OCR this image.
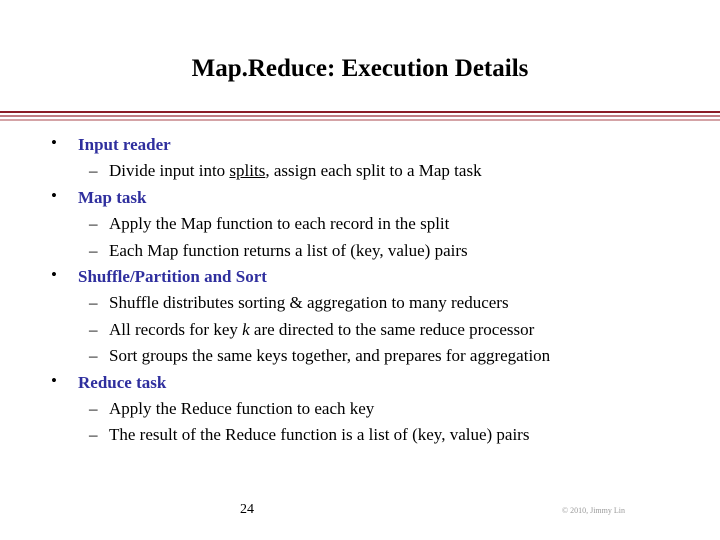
Map.Reduce: Execution Details
• Input reader
– Divide input into splits, assign each split to a Map task
• Map task
– Apply the Map function to each record in the split
– Each Map function returns a list of (key, value) pairs
• Shuffle/Partition and Sort
– Shuffle distributes sorting & aggregation to many reducers
– All records for key k are directed to the same reduce processor
– Sort groups the same keys together, and prepares for aggregation
• Reduce task
– Apply the Reduce function to each key
– The result of the Reduce function is a list of (key, value) pairs
24	© 2010, Jimmy Lin
